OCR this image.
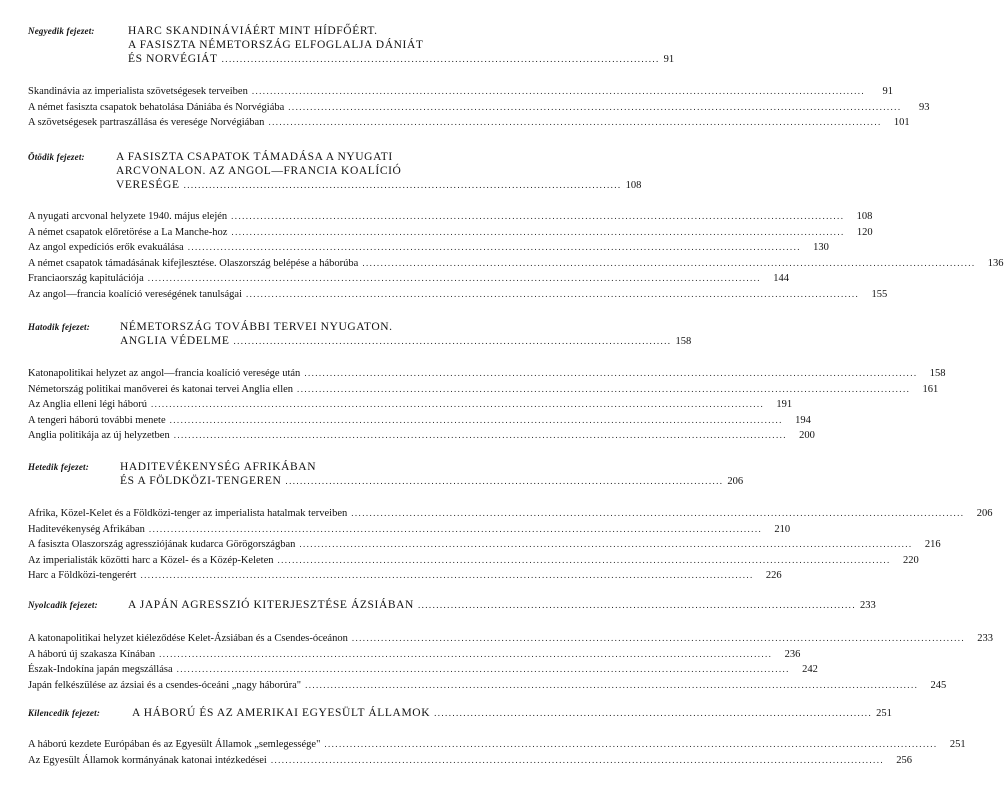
Negyedik fejezet:	HARC SKANDINÁVIÁÉRT MINT HÍDFŐÉRT.
A FASISZTA NÉMETORSZÁG ELFOGLALJA DÁNIÁT
ÉS NORVÉGIÁT ........................................................................................................................ 91
Skandinávia az imperialista szövetségesek terveiben .....	91
A német fasiszta csapatok behatolása Dániába és Norvégiába .....	93
A szövetségesek partraszállása és veresége Norvégiában .....	101
Ötödik fejezet:	A FASISZTA CSAPATOK TÁMADÁSA A NYUGATI
ARCVONALON. AZ ANGOL—FRANCIA KOALÍCIÓ
VERESÉGE ........................................................................................................................ 108
A nyugati arcvonal helyzete 1940. május elején .....	108
A német csapatok előretörése a La Manche-hoz .....	120
Az angol expedíciós erők evakuálása .....	130
A német csapatok támadásának kifejlesztése. Olaszország belépése a háborúba .....	136
Franciaország kapitulációja .....	144
Az angol—francia koalíció vereségének tanulságai .....	155
Hatodik fejezet:	NÉMETORSZÁG TOVÁBBI TERVEI NYUGATON.
ANGLIA VÉDELME ........................................................................................................................ 158
Katonapolitikai helyzet az angol—francia koalíció veresége után .....	158
Németország politikai manőverei és katonai tervei Anglia ellen .....	161
Az Anglia elleni légi háború .....	191
A tengeri háború további menete .....	194
Anglia politikája az új helyzetben .....	200
Hetedik fejezet:	HADITEVÉKENYSÉG AFRIKÁBAN
ÉS A FÖLDKÖZI-TENGEREN ........................................................................................................................ 206
Afrika, Közel-Kelet és a Földközi-tenger az imperialista hatalmak terveiben .....	206
Haditevékenység Afrikában .....	210
A fasiszta Olaszország agressziójának kudarca Görögországban .....	216
Az imperialisták közötti harc a Közel- és a Közép-Keleten .....	220
Harc a Földközi-tengerért .....	226
Nyolcadik fejezet:	A JAPÁN AGRESSZIÓ KITERJESZTÉSE ÁZSIÁBAN ........................................................................................................................ 233
A katonapolitikai helyzet kiéleződése Kelet-Ázsiában és a Csendes-óceánon .....	233
A háború új szakasza Kínában .....	236
Észak-Indokína japán megszállása .....	242
Japán felkészülése az ázsiai és a csendes-óceáni „nagy háborúra" .....	245
Kilencedik fejezet:	A HÁBORÚ ÉS AZ AMERIKAI EGYESÜLT ÁLLAMOK ........................................................................................................................ 251
A háború kezdete Európában és az Egyesült Államok „semlegessége" .....	251
Az Egyesült Államok kormányának katonai intézkedései .....	256
